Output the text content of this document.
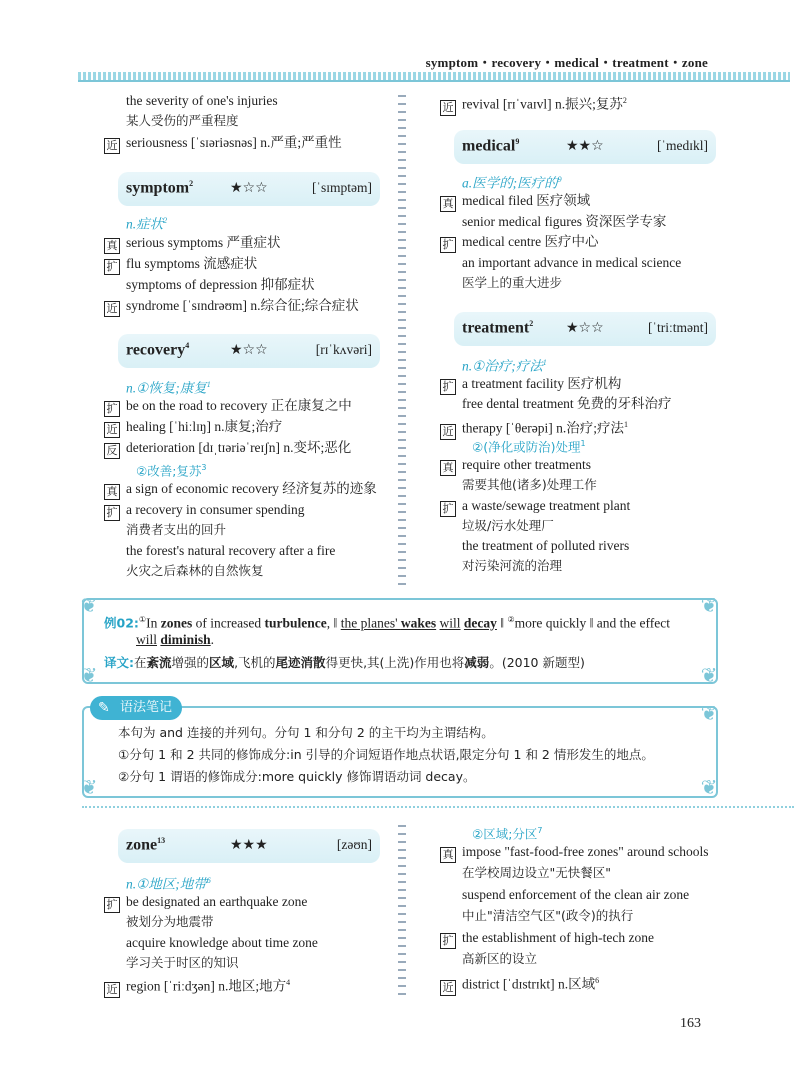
symptom・recovery・medical・treatment・zone
the severity of one's injuries
某人受伤的严重程度
近 seriousness [ˈsɪəriəsnəs] n.严重;严重性
symptom$^2$	★☆☆	[ˈsɪmptəm]
n.症状$^2$
真 serious symptoms 严重症状
扩 flu symptoms 流感症状
symptoms of depression 抑郁症状
近 syndrome [ˈsɪndrəʊm] n.综合征;综合症状
recovery$^4$	★☆☆	[rɪˈkʌvəri]
n.①恢复;康复$^1$
扩 be on the road to recovery 正在康复之中
近 healing [ˈhiːlɪŋ] n.康复;治疗
反 deterioration [dɪˌtɪəriəˈreɪʃn] n.变坏;恶化
②改善;复苏$^3$
真 a sign of economic recovery 经济复苏的迹象
扩 a recovery in consumer spending
消费者支出的回升
the forest's natural recovery after a fire
火灾之后森林的自然恢复
近 revival [rɪˈvaɪvl] n.振兴;复苏$^2$
medical$^9$	★★☆	[ˈmedɪkl]
a.医学的;医疗的$^9$
真 medical filed 医疗领域
senior medical figures 资深医学专家
扩 medical centre 医疗中心
an important advance in medical science
医学上的重大进步
treatment$^2$ ★☆☆	[ˈtriːtmənt]
n.①治疗;疗法$^1$
扩 a treatment facility 医疗机构
free dental treatment 免费的牙科治疗
近 therapy [ˈθerəpi] n.治疗;疗法$^1$
②(净化或防治)处理$^1$
真 require other treatments
需要其他(诸多)处理工作
扩 a waste/sewage treatment plant
垃圾/污水处理厂
the treatment of polluted rivers
对污染河流的治理
❦	❦
❦	❦
例02:①In zones of increased turbulence, ‖ the planes' wakes will decay ‖ ②more quickly ‖ and the effect
will diminish.
译文:在紊流增强的区域,飞机的尾迹消散得更快,其(上洗)作用也将减弱。(2010 新题型)
❦
❦	❦
✎ 语法笔记
本句为 and 连接的并列句。分句 1 和分句 2 的主干均为主谓结构。
①分句 1 和 2 共同的修饰成分:in 引导的介词短语作地点状语,限定分句 1 和 2 情形发生的地点。
②分句 1 谓语的修饰成分:more quickly 修饰谓语动词 decay。
zone$^{13}$	★★★	[zəʊn]
n.①地区;地带$^6$
扩 be designated an earthquake zone
被划分为地震带
acquire knowledge about time zone
学习关于时区的知识
近 region [ˈriːdʒən] n.地区;地方$^4$
②区域;分区$^7$
真 impose "fast-food-free zones" around schools
在学校周边设立"无快餐区"
suspend enforcement of the clean air zone
中止"清洁空气区"(政令)的执行
扩 the establishment of high-tech zone
高新区的设立
近 district [ˈdɪstrɪkt] n.区域$^6$
163
